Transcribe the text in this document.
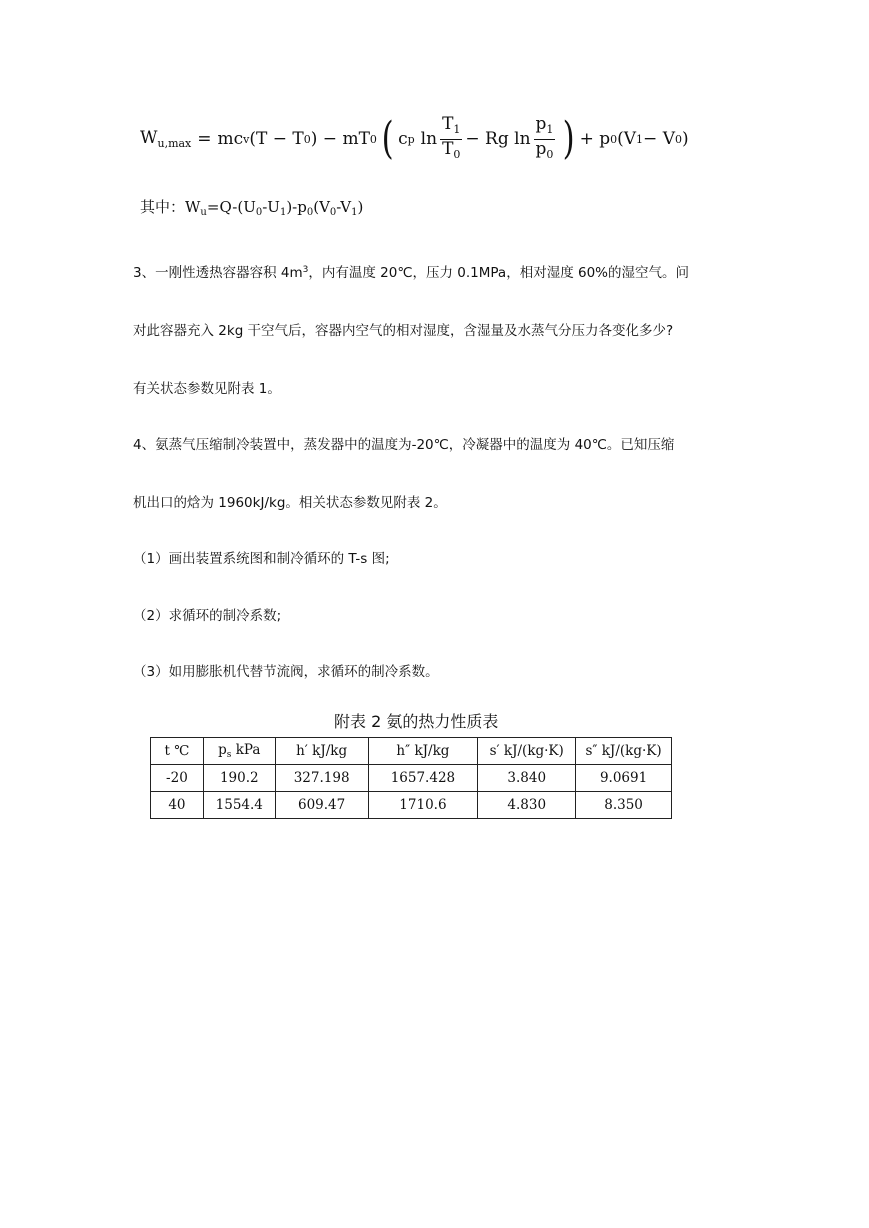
$W_{u,max}$ = mc v (T − T 0 ) − mT 0 ( c p $\ln \frac{T_1}{T_0} - Rg$ $\ln \frac{p_1}{p_0}$ ) + p 0 (V 1 − V 0 )
其中：$W_u=Q-(U_0-U_1)-p_0(V_0-V_1)$
3、一刚性透热容器容积 $4m^3$，内有温度 20℃，压力 0.1MPa，相对湿度 60%的湿空气。问
对此容器充入 2kg 干空气后，容器内空气的相对湿度，含湿量及水蒸气分压力各变化多少?
有关状态参数见附表 1。
4、氨蒸气压缩制冷装置中，蒸发器中的温度为-20℃，冷凝器中的温度为 40℃。已知压缩
机出口的焓为 1960kJ/kg。相关状态参数见附表 2。
（1）画出装置系统图和制冷循环的 T-s 图;
（2）求循环的制冷系数;
（3）如用膨胀机代替节流阀，求循环的制冷系数。
附表 2 氨的热力性质表
t ℃	$p_s$ kPa	h′ kJ/kg	h″ kJ/kg	s′ kJ/(kg·K)	s″ kJ/(kg·K)
-20	190.2	327.198	1657.428	3.840	9.0691
40	1554.4	609.47	1710.6	4.830	8.350
